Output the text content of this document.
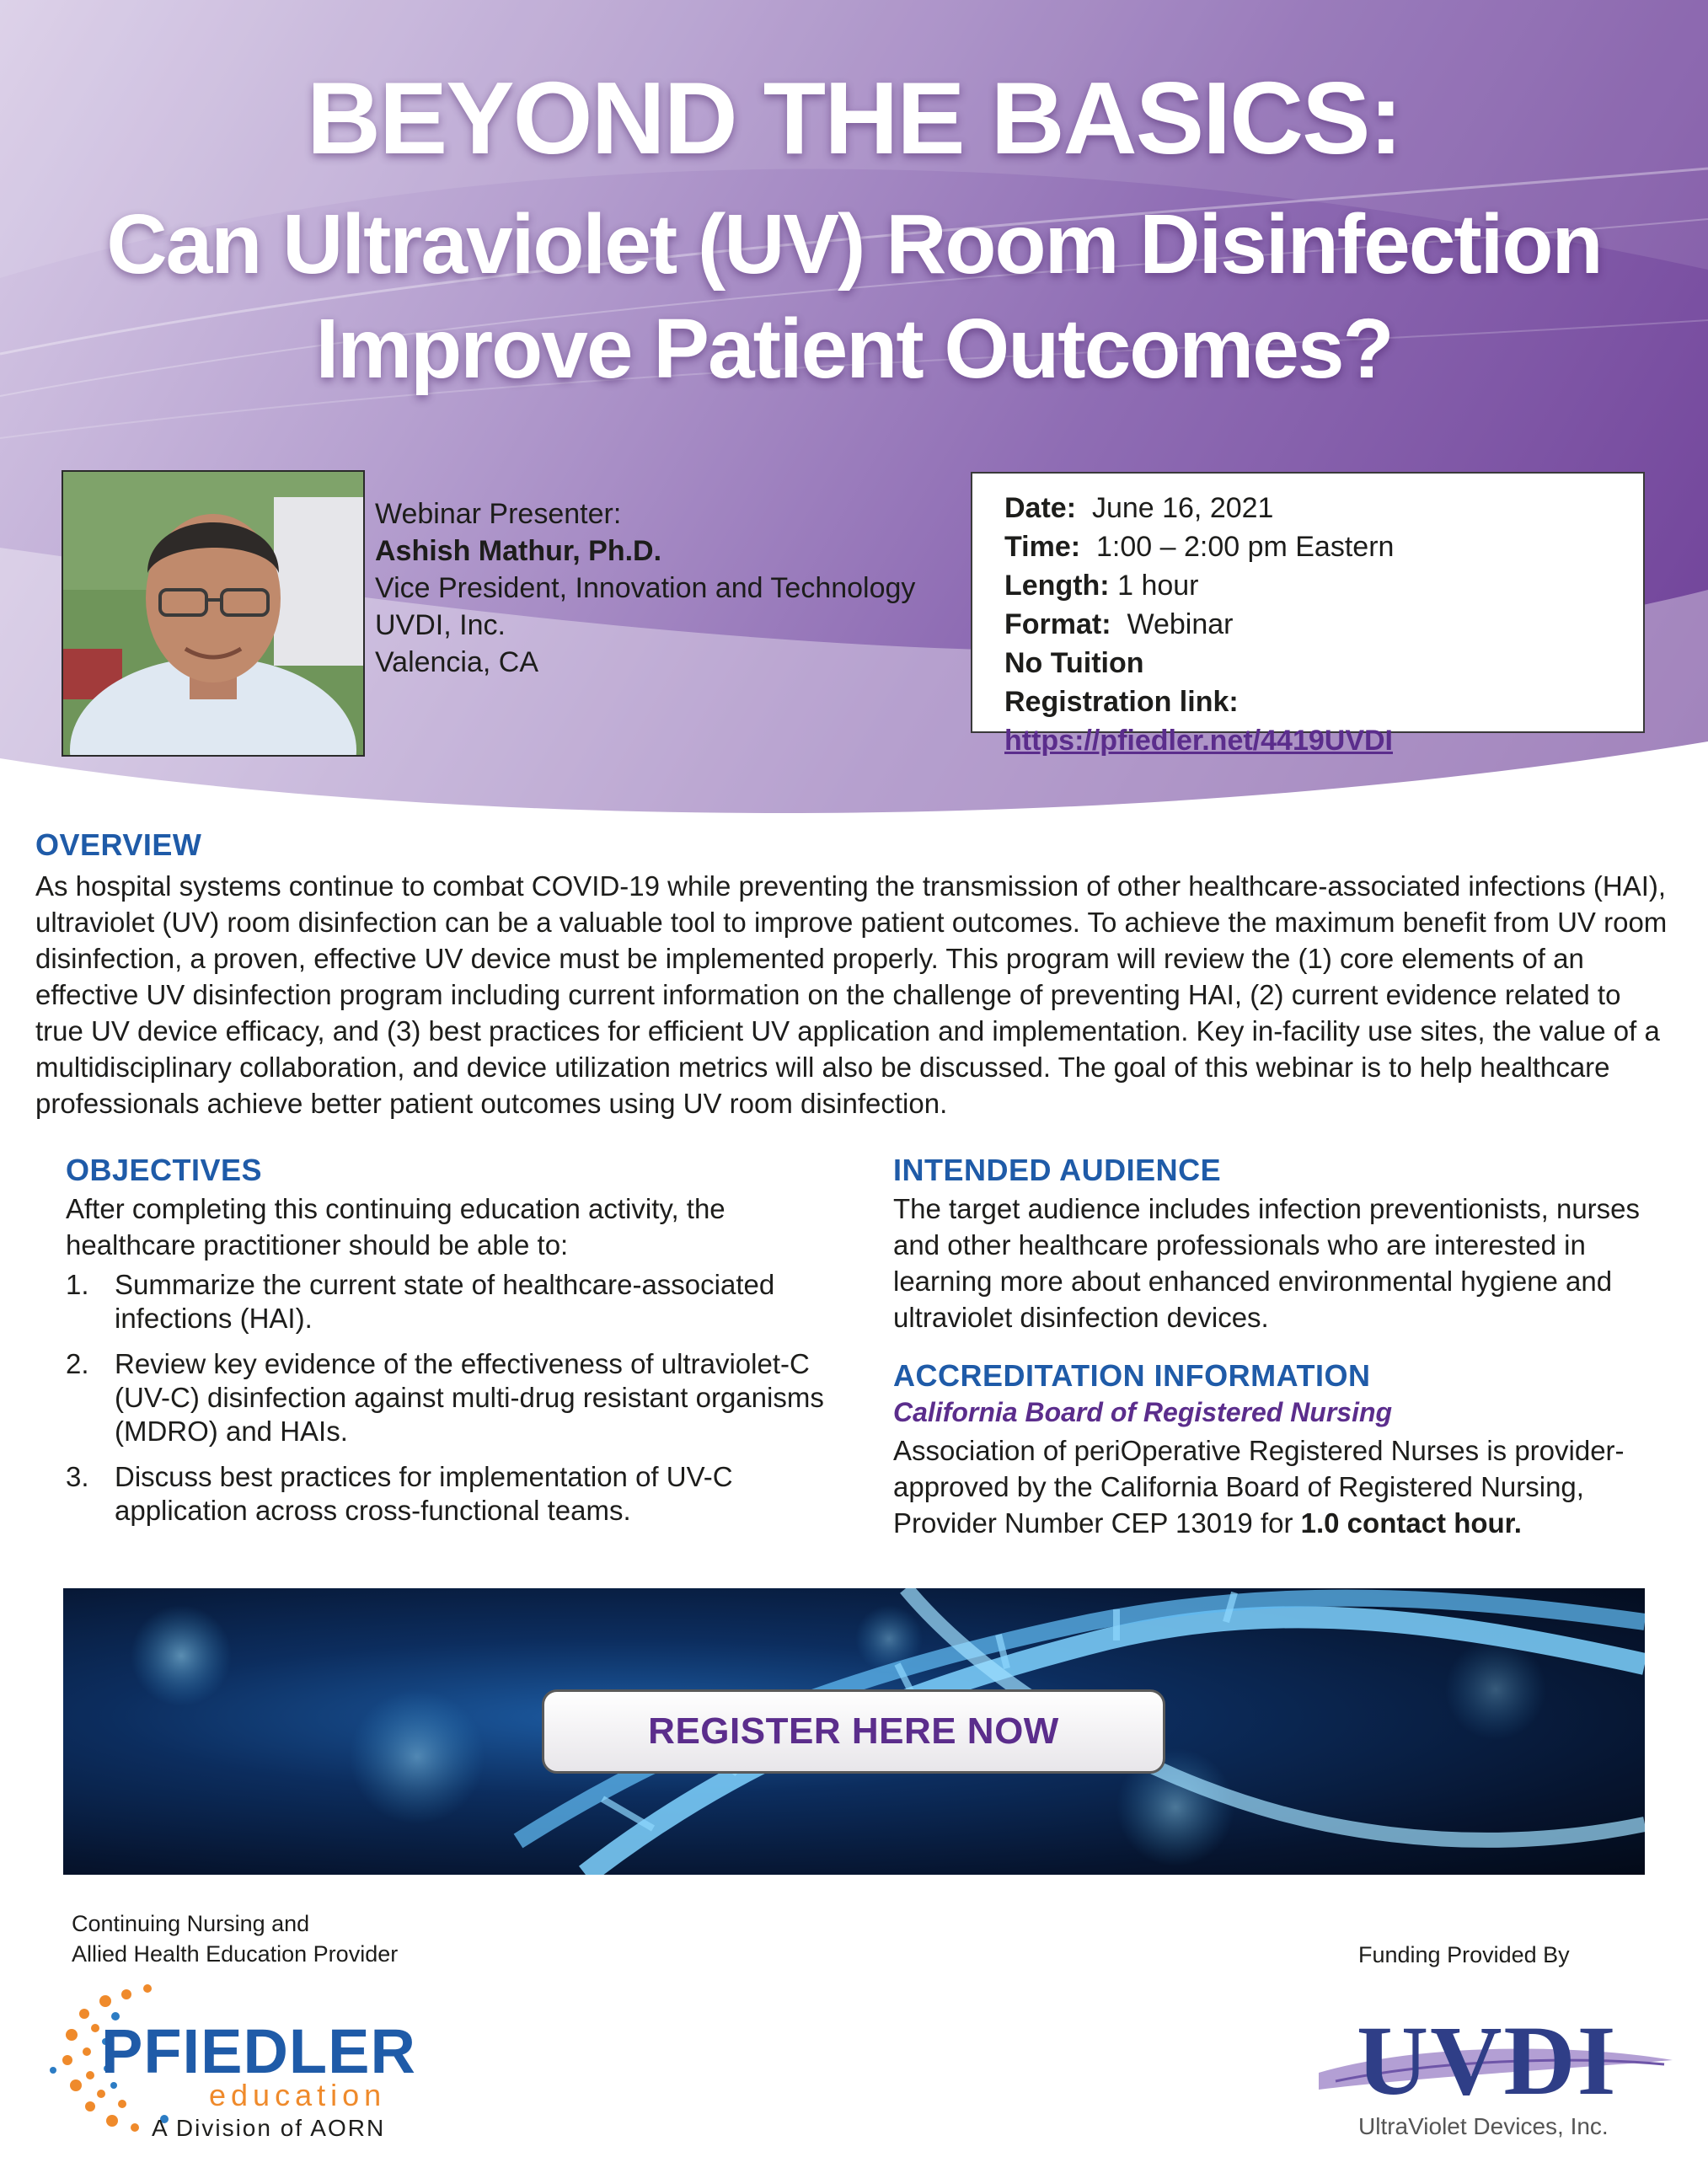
BEYOND THE BASICS:
Can Ultraviolet (UV) Room Disinfection
Improve Patient Outcomes?
Webinar Presenter:
Ashish Mathur, Ph.D.
Vice President, Innovation and Technology
UVDI, Inc.
Valencia, CA
Date: June 16, 2021
Time: 1:00 – 2:00 pm Eastern
Length: 1 hour
Format: Webinar
No Tuition
Registration link: https://pfiedler.net/4419UVDI
OVERVIEW
As hospital systems continue to combat COVID-19 while preventing the transmission of other healthcare-associated infections (HAI), ultraviolet (UV) room disinfection can be a valuable tool to improve patient outcomes. To achieve the maximum benefit from UV room disinfection, a proven, effective UV device must be implemented properly. This program will review the (1) core elements of an effective UV disinfection program including current information on the challenge of preventing HAI, (2) current evidence related to true UV device efficacy, and (3) best practices for efficient UV application and implementation. Key in-facility use sites, the value of a multidisciplinary collaboration, and device utilization metrics will also be discussed. The goal of this webinar is to help healthcare professionals achieve better patient outcomes using UV room disinfection.
OBJECTIVES
After completing this continuing education activity, the healthcare practitioner should be able to:
1. Summarize the current state of healthcare-associated infections (HAI).
2. Review key evidence of the effectiveness of ultraviolet-C (UV-C) disinfection against multi-drug resistant organisms (MDRO) and HAIs.
3. Discuss best practices for implementation of UV-C application across cross-functional teams.
INTENDED AUDIENCE
The target audience includes infection preventionists, nurses and other healthcare professionals who are interested in learning more about enhanced environmental hygiene and ultraviolet disinfection devices.
ACCREDITATION INFORMATION
California Board of Registered Nursing
Association of periOperative Registered Nurses is provider-approved by the California Board of Registered Nursing, Provider Number CEP 13019 for 1.0 contact hour.
REGISTER HERE NOW
Continuing Nursing and
Allied Health Education Provider	Funding Provided By
PFIEDLER
education
A Division of AORN
UVDI
UltraViolet Devices, Inc.
